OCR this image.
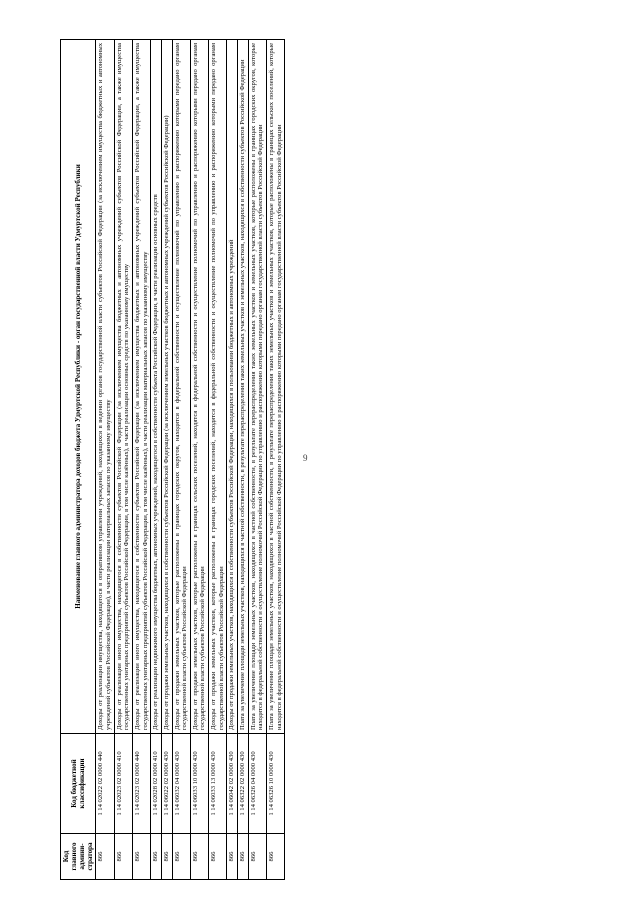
9
Код главного админи- стратора	Код бюджетной классификации	Наименование главного администратора доходов бюджета Удмуртской Республики - орган государственной власти Удмуртской Республики
866	1 14 02022 02 0000 440	Доходы от реализации имущества, находящегося в оперативном управлении учреждений, находящихся в ведении органов государственной власти субъектов Российской Федерации (за исключением имущества бюджетных и автономных учреждений субъектов Российской Федерации), в части реализации материальных запасов по указанному имуществу
866	1 14 02023 02 0000 410	Доходы от реализации иного имущества, находящегося в собственности субъектов Российской Федерации (за исключением имущества бюджетных и автономных учреждений субъектов Российской Федерации, а также имущества государственных унитарных предприятий субъектов Российской Федерации, в том числе казённых), в части реализации основных средств по указанному имуществу
866	1 14 02023 02 0000 440	Доходы от реализации иного имущества, находящегося в собственности субъектов Российской Федерации (за исключением имущества бюджетных и автономных учреждений субъектов Российской Федерации, а также имущества государственных унитарных предприятий субъектов Российской Федерации, в том числе казённых), в части реализации материальных запасов по указанному имуществу
866	1 14 02028 02 0000 410	Доходы от реализации недвижимого имущества бюджетных, автономных учреждений, находящегося в собственности субъекта Российской Федерации, в части реализации основных средств
866	1 14 06022 02 0000 430	Доходы от продажи земельных участков, находящихся в собственности субъектов Российской Федерации (за исключением земельных участков бюджетных и автономных учреждений субъектов Российской Федерации)
866	1 14 06032 04 0000 430	Доходы от продажи земельных участков, которые расположены в границах городских округов, находятся в федеральной собственности и осуществление полномочий по управлению и распоряжению которыми передано органам государственной власти субъектов Российской Федерации
866	1 14 06033 10 0000 430	Доходы от продажи земельных участков, которые расположены в границах сельских поселений, находятся в федеральной собственности и осуществление полномочий по управлению и распоряжению которыми передано органам государственной власти субъектов Российской Федерации
866	1 14 06033 13 0000 430	Доходы от продажи земельных участков, которые расположены в границах городских поселений, находятся в федеральной собственности и осуществление полномочий по управлению и распоряжению которыми передано органам государственной власти субъектов Российской Федерации
866	1 14 06042 02 0000 430	Доходы от продажи земельных участков, находящихся в собственности субъектов Российской Федерации, находящихся в пользовании бюджетных и автономных учреждений
866	1 14 06322 02 0000 430	Плата за увеличение площади земельных участков, находящихся в частной собственности, в результате перераспределения таких земельных участков и земельных участков, находящихся в собственности субъектов Российской Федерации
866	1 14 06326 04 0000 430	Плата за увеличение площади земельных участков, находящихся в частной собственности, в результате перераспределения таких земельных участков и земельных участков, которые расположены в границах городских округов, которые находятся в федеральной собственности и осуществление полномочий Российской Федерации по управлению и распоряжению которыми передано органам государственной власти субъектов Российской Федерации
866	1 14 06326 10 0000 430	Плата за увеличение площади земельных участков, находящихся в частной собственности, в результате перераспределения таких земельных участков и земельных участков, которые расположены в границах сельских поселений, которые находятся в федеральной собственности и осуществление полномочий Российской Федерации по управлению и распоряжению которыми передано органам государственной власти субъектов Российской Федерации
